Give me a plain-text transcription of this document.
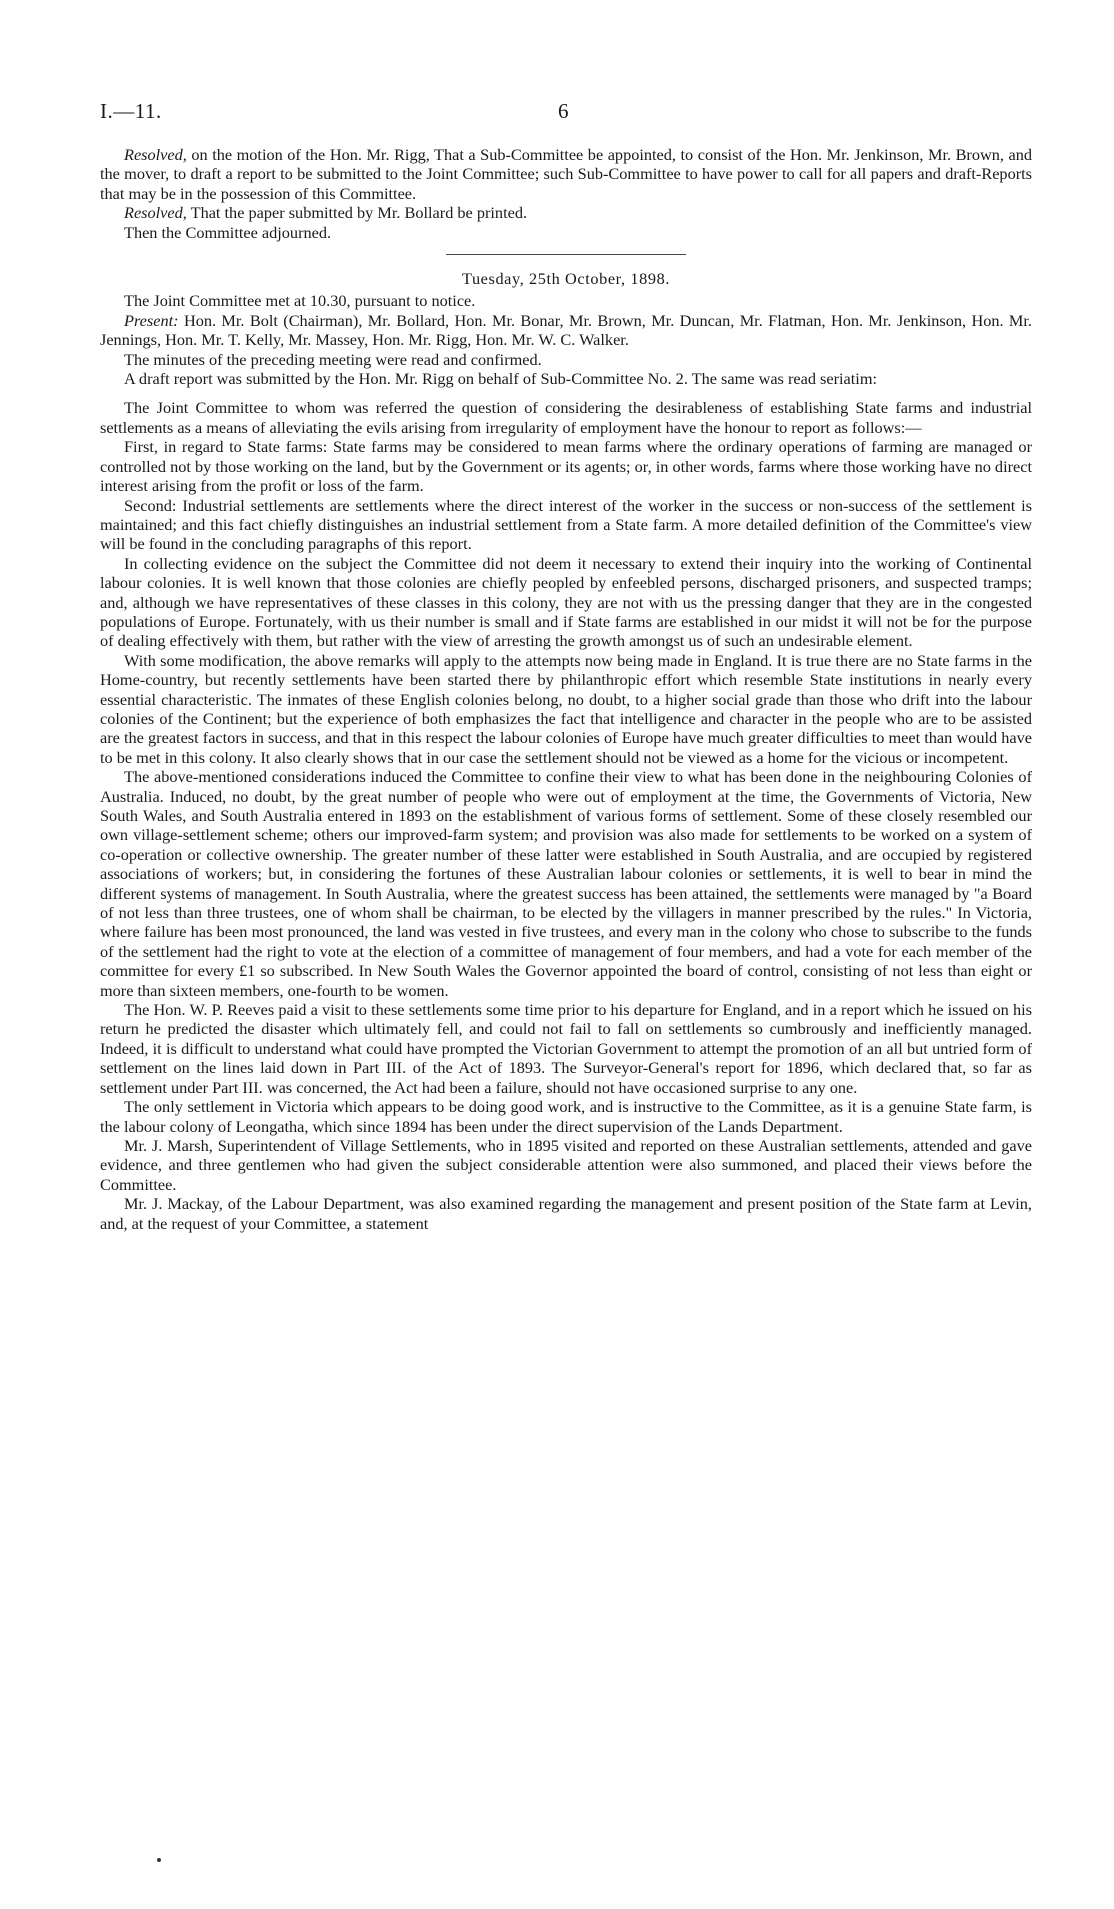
I.—11.	6

Resolved, on the motion of the Hon. Mr. Rigg, That a Sub-Committee be appointed, to consist of the Hon. Mr. Jenkinson, Mr. Brown, and the mover, to draft a report to be submitted to the Joint Committee; such Sub-Committee to have power to call for all papers and draft-Reports that may be in the possession of this Committee.

Resolved, That the paper submitted by Mr. Bollard be printed.

Then the Committee adjourned.

Tuesday, 25th October, 1898.

The Joint Committee met at 10.30, pursuant to notice.

Present: Hon. Mr. Bolt (Chairman), Mr. Bollard, Hon. Mr. Bonar, Mr. Brown, Mr. Duncan, Mr. Flatman, Hon. Mr. Jenkinson, Hon. Mr. Jennings, Hon. Mr. T. Kelly, Mr. Massey, Hon. Mr. Rigg, Hon. Mr. W. C. Walker.

The minutes of the preceding meeting were read and confirmed.

A draft report was submitted by the Hon. Mr. Rigg on behalf of Sub-Committee No. 2. The same was read seriatim:

The Joint Committee to whom was referred the question of considering the desirableness of establishing State farms and industrial settlements as a means of alleviating the evils arising from irregularity of employment have the honour to report as follows:—

First, in regard to State farms: State farms may be considered to mean farms where the ordinary operations of farming are managed or controlled not by those working on the land, but by the Government or its agents; or, in other words, farms where those working have no direct interest arising from the profit or loss of the farm.

Second: Industrial settlements are settlements where the direct interest of the worker in the success or non-success of the settlement is maintained; and this fact chiefly distinguishes an industrial settlement from a State farm. A more detailed definition of the Committee's view will be found in the concluding paragraphs of this report.

In collecting evidence on the subject the Committee did not deem it necessary to extend their inquiry into the working of Continental labour colonies. It is well known that those colonies are chiefly peopled by enfeebled persons, discharged prisoners, and suspected tramps; and, although we have representatives of these classes in this colony, they are not with us the pressing danger that they are in the congested populations of Europe. Fortunately, with us their number is small and if State farms are established in our midst it will not be for the purpose of dealing effectively with them, but rather with the view of arresting the growth amongst us of such an undesirable element.

With some modification, the above remarks will apply to the attempts now being made in England. It is true there are no State farms in the Home-country, but recently settlements have been started there by philanthropic effort which resemble State institutions in nearly every essential characteristic. The inmates of these English colonies belong, no doubt, to a higher social grade than those who drift into the labour colonies of the Continent; but the experience of both emphasizes the fact that intelligence and character in the people who are to be assisted are the greatest factors in success, and that in this respect the labour colonies of Europe have much greater difficulties to meet than would have to be met in this colony. It also clearly shows that in our case the settlement should not be viewed as a home for the vicious or incompetent.

The above-mentioned considerations induced the Committee to confine their view to what has been done in the neighbouring Colonies of Australia. Induced, no doubt, by the great number of people who were out of employment at the time, the Governments of Victoria, New South Wales, and South Australia entered in 1893 on the establishment of various forms of settlement. Some of these closely resembled our own village-settlement scheme; others our improved-farm system; and provision was also made for settlements to be worked on a system of co-operation or collective ownership. The greater number of these latter were established in South Australia, and are occupied by registered associations of workers; but, in considering the fortunes of these Australian labour colonies or settlements, it is well to bear in mind the different systems of management. In South Australia, where the greatest success has been attained, the settlements were managed by "a Board of not less than three trustees, one of whom shall be chairman, to be elected by the villagers in manner prescribed by the rules." In Victoria, where failure has been most pronounced, the land was vested in five trustees, and every man in the colony who chose to subscribe to the funds of the settlement had the right to vote at the election of a committee of management of four members, and had a vote for each member of the committee for every £1 so subscribed. In New South Wales the Governor appointed the board of control, consisting of not less than eight or more than sixteen members, one-fourth to be women.

The Hon. W. P. Reeves paid a visit to these settlements some time prior to his departure for England, and in a report which he issued on his return he predicted the disaster which ultimately fell, and could not fail to fall on settlements so cumbrously and inefficiently managed. Indeed, it is difficult to understand what could have prompted the Victorian Government to attempt the promotion of an all but untried form of settlement on the lines laid down in Part III. of the Act of 1893. The Surveyor-General's report for 1896, which declared that, so far as settlement under Part III. was concerned, the Act had been a failure, should not have occasioned surprise to any one.

The only settlement in Victoria which appears to be doing good work, and is instructive to the Committee, as it is a genuine State farm, is the labour colony of Leongatha, which since 1894 has been under the direct supervision of the Lands Department.

Mr. J. Marsh, Superintendent of Village Settlements, who in 1895 visited and reported on these Australian settlements, attended and gave evidence, and three gentlemen who had given the subject considerable attention were also summoned, and placed their views before the Committee.

Mr. J. Mackay, of the Labour Department, was also examined regarding the management and present position of the State farm at Levin, and, at the request of your Committee, a statement
